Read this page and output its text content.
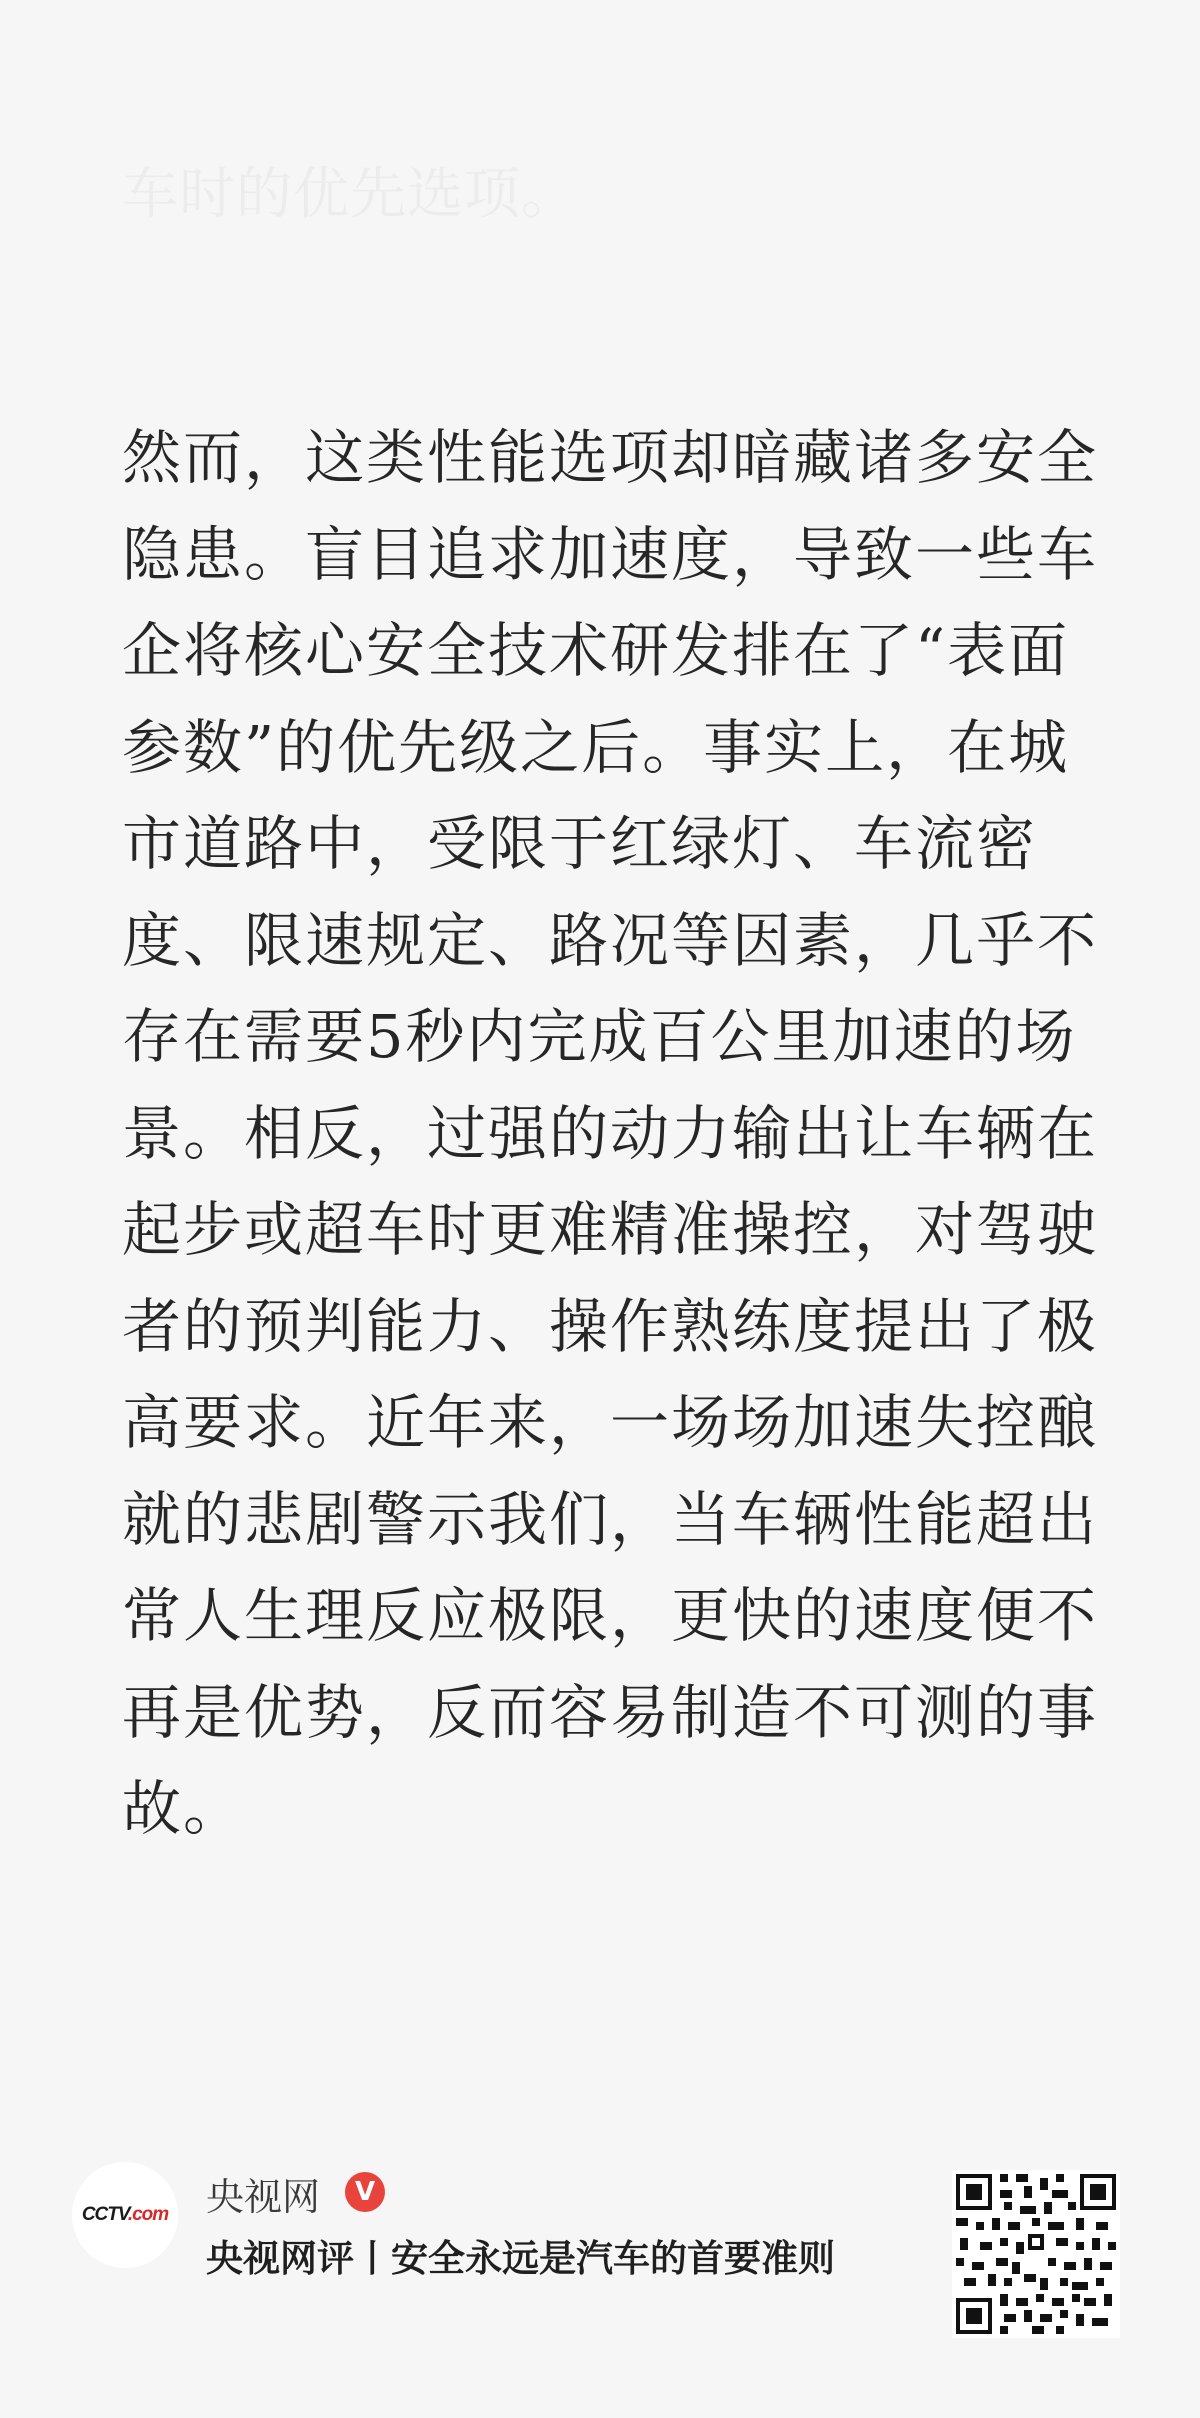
车时的优先选项。
然而，这类性能选项却暗藏诸多安全
隐患。盲目追求加速度，导致一些车
企将核心安全技术研发排在了“表面
参数”的优先级之后。事实上，在城
市道路中，受限于红绿灯、车流密
度、限速规定、路况等因素，几乎不
存在需要5秒内完成百公里加速的场
景。相反，过强的动力输出让车辆在
起步或超车时更难精准操控，对驾驶
者的预判能力、操作熟练度提出了极
高要求。近年来，一场场加速失控酿
就的悲剧警示我们，当车辆性能超出
常人生理反应极限，更快的速度便不
再是优势，反而容易制造不可测的事
故。
CCTV.com 央视网	V
央视网评丨安全永远是汽车的首要准则
